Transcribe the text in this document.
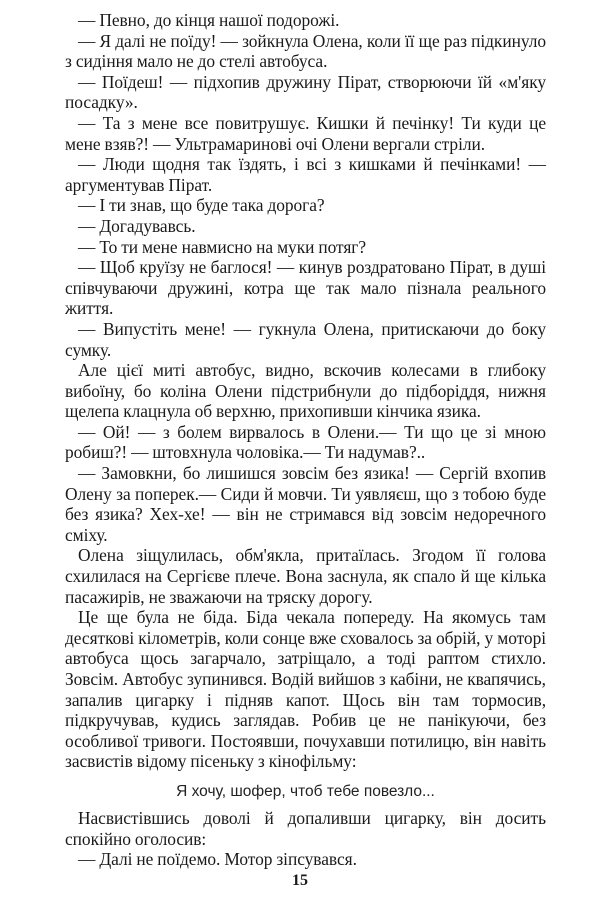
— Певно, до кінця нашої подорожі.

— Я далі не поїду! — зойкнула Олена, коли її ще раз підкинуло з сидіння мало не до стелі автобуса.

— Поїдеш! — підхопив дружину Пірат, створюючи їй «м'яку посадку».

— Та з мене все повитрушує. Кишки й печінку! Ти куди це мене взяв?! — Ультрамаринові очі Олени вергали стріли.

— Люди щодня так їздять, і всі з кишками й печінками! — аргументував Пірат.

— І ти знав, що буде така дорога?

— Догадувавсь.

— То ти мене навмисно на муки потяг?

— Щоб круїзу не баглося! — кинув роздратовано Пірат, в душі співчуваючи дружині, котра ще так мало пізнала реального життя.

— Випустіть мене! — гукнула Олена, притискаючи до боку сумку.

Але цієї миті автобус, видно, вскочив колесами в глибоку вибоїну, бо коліна Олени підстрибнули до підборіддя, нижня щелепа клацнула об верхню, прихопивши кінчика язика.

— Ой! — з болем вирвалось в Олени.— Ти що це зі мною робиш?! — штовхнула чоловіка.— Ти надумав?..

— Замовкни, бо лишишся зовсім без язика! — Сергій вхопив Олену за поперек.— Сиди й мовчи. Ти уявляєш, що з тобою буде без язика? Хех-хе! — він не стримався від зовсім недоречного сміху.

Олена зіщулилась, обм'якла, притаїлась. Згодом її голова схилилася на Сергієве плече. Вона заснула, як спало й ще кілька пасажирів, не зважаючи на тряску дорогу.

Це ще була не біда. Біда чекала попереду. На якомусь там десяткові кілометрів, коли сонце вже сховалось за обрій, у моторі автобуса щось загарчало, затріщало, а тоді раптом стихло. Зовсім. Автобус зупинився. Водій вийшов з кабіни, не квапячись, запалив цигарку і підняв капот. Щось він там тормосив, підкручував, кудись заглядав. Робив це не панікуючи, без особливої тривоги. Постоявши, почухавши потилицю, він навіть засвистів відому пісеньку з кінофільму:

Я хочу, шофер, чтоб тебе повезло...

Насвистівшись доволі й допаливши цигарку, він досить спокійно оголосив:

— Далі не поїдемо. Мотор зіпсувався.

15
